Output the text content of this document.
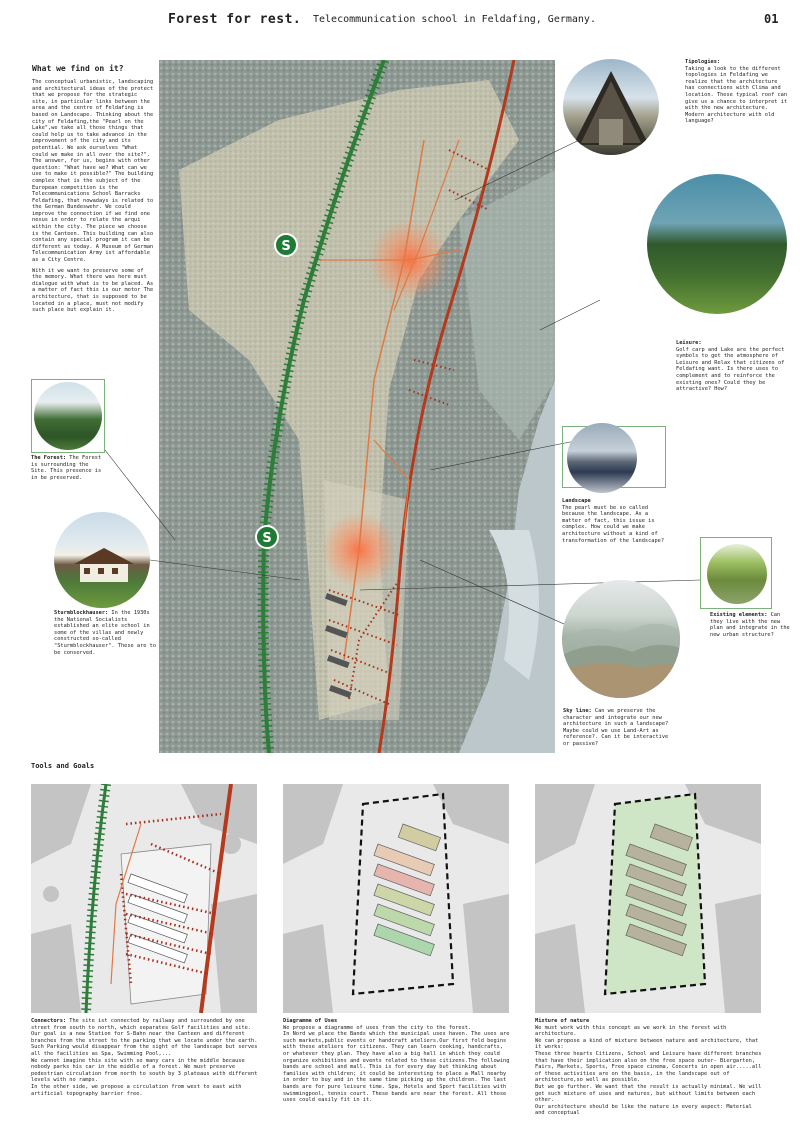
Forest for rest. Telecommunication school in Feldafing, Germany.	01
What we find on it?

The conceptual urbanistic, landscaping and architectural ideas of the protect that we propose for the strategic site, in particular links between the area and the centre of Feldafing is based on Landscape. Thinking about the city of Feldafing,the "Pearl on the Lake",we take all those things that could help us to take advance in the improvement of the city and its potential. We ask ourselves "What could we make in all over the site?". The answer, for us, begins with other question: "What have we? What can we use to make it possible?" The building complex that is the subject of the European competition is the Telecommunications School Barracks Feldafing, that nowadays is related to the German Bundeswehr. We could improve the connection if we find one nexus in order to relate the arqui within the city. The piece we choose is the Canteen. This building can also contain any special program it can be different as today. A Museum of German Telecommunication Army ist affordable as a City Centre.

With it we want to preserve some of the memory. What there was here must dialogue with what is to be placed. As a matter of fact this is our motor The architecture, that is supposed to be located in a place, must not modify such place but explain it.

S
S
Tipologies:
Taking a look to the different topologies in Feldafing we realize that the architecture has connections with Clima and location. These typical roof can give us a chance to interpret it with the new architecture. Modern architecture with old language?
Leisure:
Golf carp and Lake are the perfect symbols to get the atmosphere of Leisure and Relax that citizens of Feldafing want. Is there uses to complement and to reinforce the existing ones? Could they be attractive? How?
The Forest: The Forest is surrounding the Site. This presence is in be preserved.
Landscape
The pearl must be so called because the landscape. As a matter of fact, this issue is complex. How could we make architecture without a kind of transformation of the landscape?
Sturmblockhauser: In the 1930s the National Socialists established an elite school in some of the villas and newly constructed so-called "Sturmblockhauser". These are to be conserved.
Existing elements: Can they live with the new plan and integrate in the new urban structure?
Sky line: Can we preserve the character and integrate our new architecture in such a landscape? Maybe could we use Land-Art as reference?. Can it be interactive or passive?
Tools and Goals

Connectors: The site ist connected by railway and surrounded by one street from south to north, which separates Golf facilities and site.

Our goal is a new Station for S-Bahn near the Canteen and different branches from the street to the parking that we locate under the earth. Such Parking would disappear from the sight of the landscape but serves all the facilities as Spa, Swimming Pool,...

We cannot imagine this site with so many cars in the middle because nobody parks his car in the middle of a forest. We must preserve pedestrian circulation from north to south by 3 plateaus with different levels with no ramps.

In the other side, we propose a circulation from west to east with artificial topography barrier free.

Diagramme of Uses

We propose a diagramme of uses from the city to the forest.

In Nord we place the Bands which the municipal uses haven. The uses are such markets,public events or handcraft ateliers.Our first fold begins with these ateliers for citizens. They can learn cooking, handcrafts, or whatever they plan. They have also a big hall in which they could organize exhibitions and events related to these citizens.The following bands are school and mall. This is for every day but thinking about families with children; it could be interesting to place a Mall nearby in order to buy and in the same time picking up the children. The last bands are for pure leisure time. Spa, Hotels and Sport facilities with swimmingpool, tennis court. These bands are near the forest. All those uses could easily fit in it.

Mixture of nature

We must work with this concept as we work in the forest with architecture.

We can propose a kind of mixture between nature and architecture, that it works:

These three hearts Citizens, School and Leisure have different branches that have their implication also on the free space outer- Biergarten, Fairs, Markets, Sports, Free space cinema, Concerts in open air.....all of these activities are on the basis, in the landscape out of architecture,so well as possible.

But we go further. We want that the result is actually minimal. We will get such mixture of uses and natures, but without limits between each other.

Our architecture should be like the nature in every aspect: Material and conceptual
